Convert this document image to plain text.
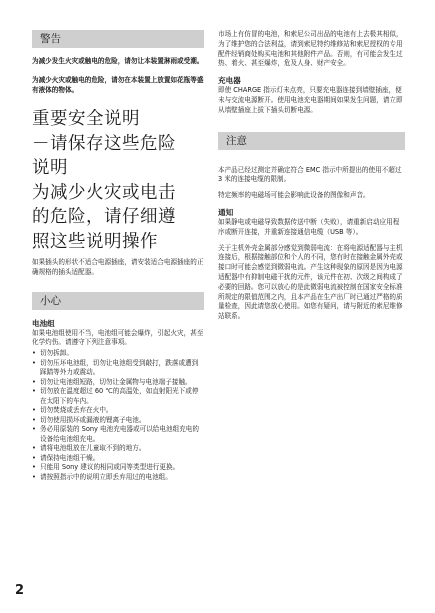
警告

为减少发生火灾或触电的危险，请勿让本装置淋雨或受潮。

为减少火灾或触电的危险，请勿在本装置上放置如花瓶等盛有液体的物体。

重要安全说明
－请保存这些危险
说明
为减少火灾或电击
的危险，请仔细遵
照这些说明操作

如果插头的形状不适合电源插座，请安装适合电源插座的正确规格的插头适配器。

小心
电池组

如果电池组使用不当，电池组可能会爆炸，引起火灾，甚至化学灼伤。请遵守下列注意事项。

• 切勿拆卸。
• 切勿压坏电池组，切勿让电池组受到敲打，跌落或遭到踩踏等外力或震动。
• 切勿让电池组短路，切勿让金属物与电池端子接触。
• 切勿放在温度超过 60 ℃的高温处，如直射阳光下或停在太阳下的车内。
• 切勿焚烧或丢弃在火中。
• 切勿使用损坏或漏液的锂离子电池。
• 务必用原装的 Sony 电池充电器或可以给电池组充电的设备给电池组充电。
• 请将电池组放在儿童取不到的地方。
• 请保持电池组干燥。
• 只能用 Sony 建议的相同或同等类型进行更换。
• 请按照指示中的说明立即丢弃用过的电池组。

市场上有仿冒的电池，和索尼公司出品的电池有上去极其相似，为了维护您的合法利益，请到索尼特约维修站和索尼授权的专用配件经销商处购买电池和其他附件产品。否则，有可能会发生过热、着火、甚至爆炸，危及人身、财产安全。

充电器

即使 CHARGE 指示灯未点亮，只要充电器连接到墙壁插座，便未与交流电源断开。使用电池充电器期间如果发生问题，请立即从墙壁插座上拔下插头切断电源。

注意

本产品已经过测定并确定符合 EMC 指示中所提出的使用不超过 3 米的连接电缆的限制。

特定频率的电磁场可能会影响此设备的图像和声音。

通知

如果静电或电磁导致数据传送中断（失败），请重新启动应用程序或断开连接，并重新连接通信电缆（USB 等）。

关于主机外壳金属部分感觉到微弱电流：在将电源适配器与主机连接后，根据接触部位和个人的不同，您有时在接触金属外壳或接口时可能会感觉到微弱电流。产生这种现象的原因是因为电源适配器中有抑制电磁干扰的元件，该元件在初、次级之间构成了必要的回路。您可以放心的是此微弱电流被控制在国家安全标准所规定的限值范围之内，且本产品在生产出厂时已通过严格的质量检查，因此请您放心使用。如您有疑问，请与附近的索尼维修站联系。

2
